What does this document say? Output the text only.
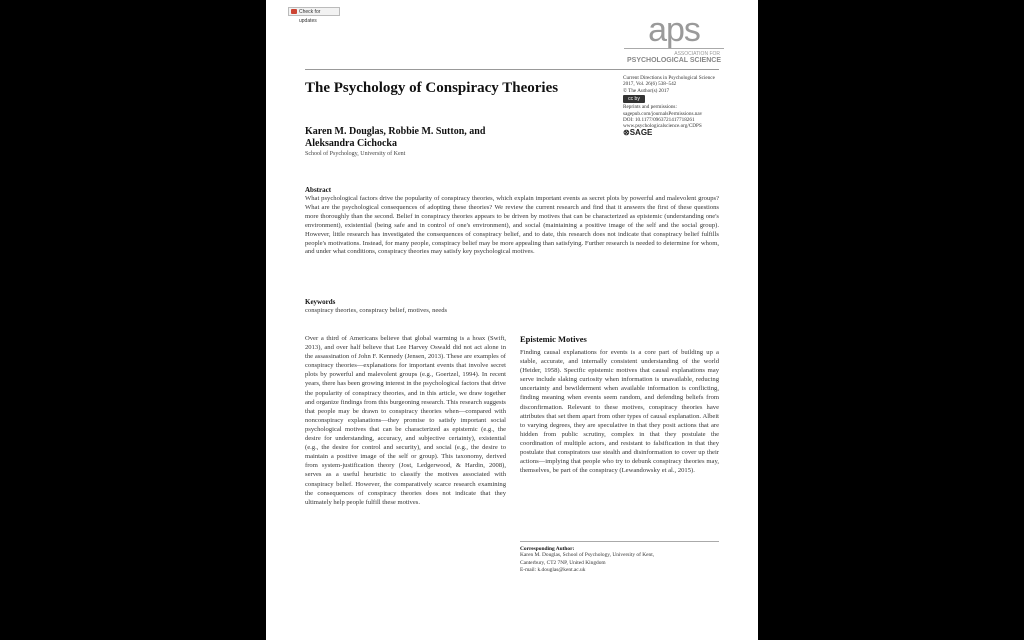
Check for updates	aps
ASSOCIATION FOR
PSYCHOLOGICAL SCIENCE
The Psychology of Conspiracy Theories
Karen M. Douglas, Robbie M. Sutton, and
Aleksandra Cichocka
School of Psychology, University of Kent
Current Directions in Psychological Science
2017, Vol. 26(6) 538–542
© The Author(s) 2017
cc by
Reprints and permissions:
sagepub.com/journalsPermissions.nav
DOI: 10.1177/0963721417718261
www.psychologicalscience.org/CDPS
⊗SAGE
Abstract
What psychological factors drive the popularity of conspiracy theories, which explain important events as secret plots by powerful and malevolent groups? What are the psychological consequences of adopting these theories? We review the current research and find that it answers the first of these questions more thoroughly than the second. Belief in conspiracy theories appears to be driven by motives that can be characterized as epistemic (understanding one's environment), existential (being safe and in control of one's environment), and social (maintaining a positive image of the self and the social group). However, little research has investigated the consequences of conspiracy belief, and to date, this research does not indicate that conspiracy belief fulfills people's motivations. Instead, for many people, conspiracy belief may be more appealing than satisfying. Further research is needed to determine for whom, and under what conditions, conspiracy theories may satisfy key psychological motives.
Keywords
conspiracy theories, conspiracy belief, motives, needs
Over a third of Americans believe that global warming is a hoax (Swift, 2013), and over half believe that Lee Harvey Oswald did not act alone in the assassination of John F. Kennedy (Jensen, 2013). These are examples of conspiracy theories—explanations for important events that involve secret plots by powerful and malevolent groups (e.g., Goertzel, 1994). In recent years, there has been growing interest in the psychological factors that drive the popularity of conspiracy theories, and in this article, we draw together and organize findings from this burgeoning research. This research suggests that people may be drawn to conspiracy theories when—compared with nonconspiracy explanations—they promise to satisfy important social psychological motives that can be characterized as epistemic (e.g., the desire for understanding, accuracy, and subjective certainty), existential (e.g., the desire for control and security), and social (e.g., the desire to maintain a positive image of the self or group). This taxonomy, derived from system-justification theory (Jost, Ledgerwood, & Hardin, 2008), serves as a useful heuristic to classify the motives associated with conspiracy belief. However, the comparatively scarce research examining the consequences of conspiracy theories does not indicate that they ultimately help people fulfill these motives.
Epistemic Motives
Finding causal explanations for events is a core part of building up a stable, accurate, and internally consistent understanding of the world (Heider, 1958). Specific epistemic motives that causal explanations may serve include slaking curiosity when information is unavailable, reducing uncertainty and bewilderment when available information is conflicting, finding meaning when events seem random, and defending beliefs from disconfirmation. Relevant to these motives, conspiracy theories have attributes that set them apart from other types of causal explanation. Albeit to varying degrees, they are speculative in that they posit actions that are hidden from public scrutiny, complex in that they postulate the coordination of multiple actors, and resistant to falsification in that they postulate that conspirators use stealth and disinformation to cover up their actions—implying that people who try to debunk conspiracy theories may, themselves, be part of the conspiracy (Lewandowsky et al., 2015).
Corresponding Author:
Karen M. Douglas, School of Psychology, University of Kent,
Canterbury, CT2 7NP, United Kingdom
E-mail: k.douglas@kent.ac.uk
